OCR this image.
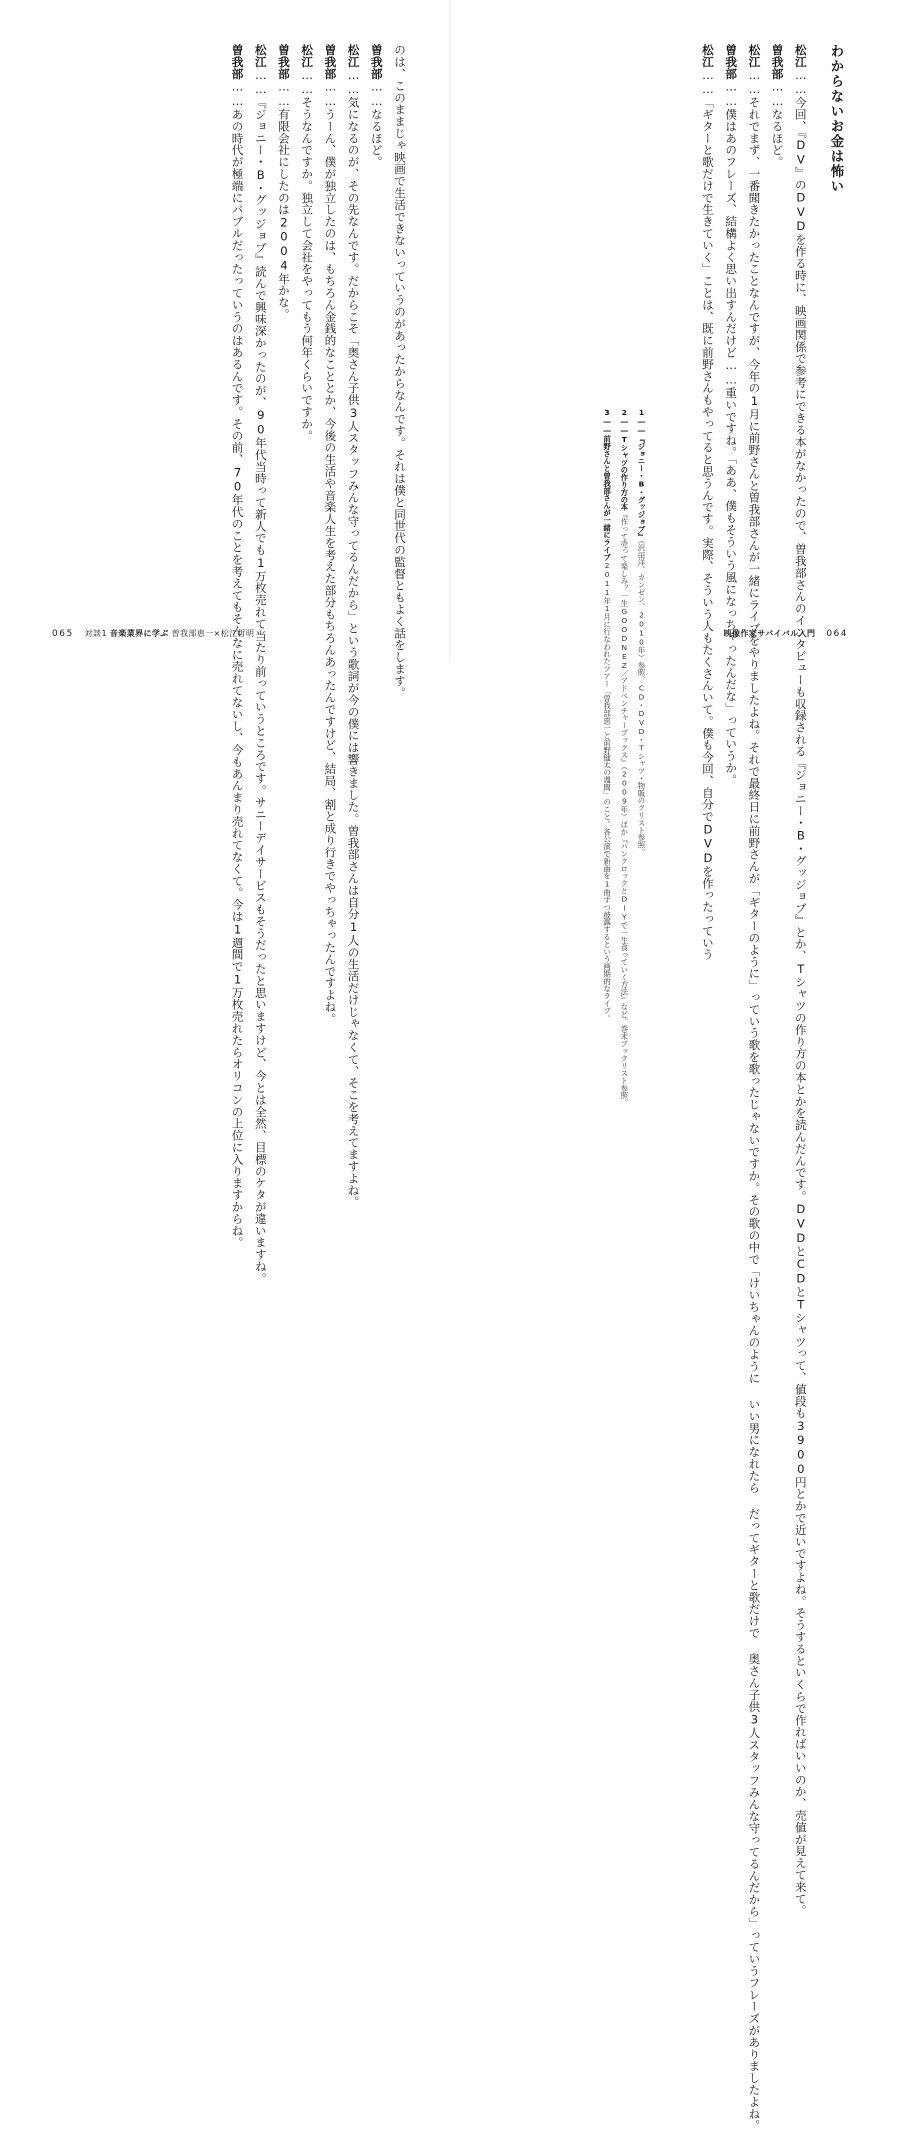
わからないお金は怖い
松江……今回、『DV』のDVDを作る時に、映画関係で参考にできる本がなかったので、曽我部さんのインタビューも収録される『ジョニー・B・グッジョブ』とか、Tシャツの作り方の本とかを読んだんです。DVDとCDとTシャツって、値段も3900円とかで近いですよね。そうするといくらで作ればいいのか、売値が見えて来て。
曽我部……なるほど。
松江……それでまず、一番聞きたかったことなんですが、今年の1月に前野さんと曽我部さんが一緒にライブをやりましたよね。それで最終日に前野さんが「ギターのように」っていう歌を歌ったじゃないですか。その歌の中で「けいちゃんのように いい男になれたら だってギターと歌だけで 奥さん子供3人スタッフみんな守ってるんだから」っていうフレーズがありましたよね。
曽我部……僕はあのフレーズ、結構よく思い出すんだけど……重いですね。「ああ、僕もそういう風になっちゃったんだな」っていうか。
松江……「ギターと歌だけで生きていく」ことは、既に前野さんもやってると思うんです。実際、そういう人もたくさんいて。僕も今回、自分でDVDを作ったっていう
1――『ジョニー・B・グッジョブ』（沢田洋、カンゼン、2010年）参照。CD・DVD・Tシャツ・物販のクリスト参照。
2――Tシャツの作り方の本『作って売って楽しみ？一生GOODNEZ／アドベンチャーブックス』（2009年）ほか『パンクロックとDIYで一生食っていく方法』など。巻末ブックリスト参照。
3――前野さんと曽我部さんが一緒にライブ2011年1月に行なわれたツアー「曽我部恵一と前野健太の週間」のこと。各公演で新曲を1曲ずつ披露するという画期的なライブ。
のは、このままじゃ映画で生活できないっていうのがあったからなんです。それは僕と同世代の監督ともよく話をします。
曽我部……なるほど。
松江……気になるのが、その先なんです。だからこそ「奥さん子供3人スタッフみんな守ってるんだから」という歌詞が今の僕には響きました。曽我部さんは自分1人の生活だけじゃなくて、そこを考えてますよね。
曽我部……うーん、僕が独立したのは、もちろん金銭的なこととか、今後の生活や音楽人生を考えた部分もちろんあったんですけど、結局、割と成り行きでやっちゃったんですよね。
松江……そうなんですか。独立して会社をやってもう何年くらいですか。
曽我部……有限会社にしたのは2004年かな。
松江……『ジョニー・B・グッジョブ』読んで興味深かったのが、90年代当時って新人でも1万枚売れて当たり前っていうところです。サニーデイサービスもそうだったと思いますけど、今とは全然、目標のケタが違いますね。
曽我部……あの時代が極端にバブルだったっていうのはあるんです。その前、70年代のことを考えてもそんなに売れてないし、今もあんまり売れてなくて。今は1週間で1万枚売れたらオリコンの上位に入りますからね。
065 対談1 音楽業界に学ぶ 曽我部恵一×松江哲明	映像作家サバイバル入門 064
